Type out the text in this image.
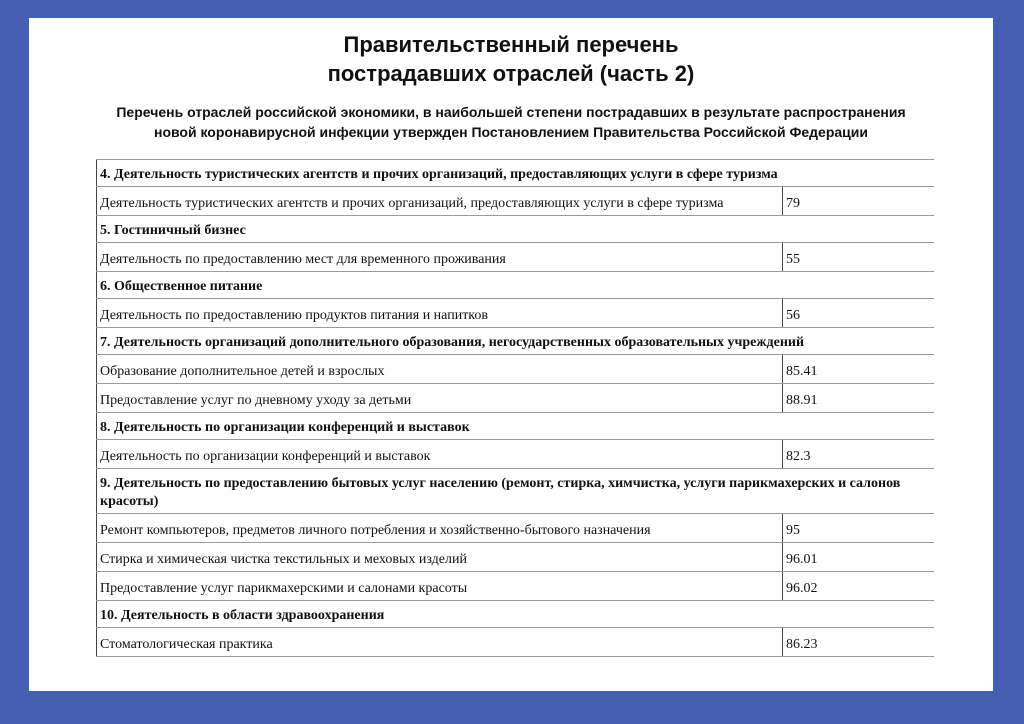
Правительственный перечень
пострадавших отраслей (часть 2)
Перечень отраслей российской экономики, в наибольшей степени пострадавших в результате распространения
новой коронавирусной инфекции утвержден Постановлением Правительства Российской Федерации
4. Деятельность туристических агентств и прочих организаций, предоставляющих услуги в сфере туризма	
Деятельность туристических агентств и прочих организаций, предоставляющих услуги в сфере туризма	79
5. Гостиничный бизнес	
Деятельность по предоставлению мест для временного проживания	55
6. Общественное питание	
Деятельность по предоставлению продуктов питания и напитков	56
7. Деятельность организаций дополнительного образования, негосударственных образовательных учреждений	
Образование дополнительное детей и взрослых	85.41
Предоставление услуг по дневному уходу за детьми	88.91
8. Деятельность по организации конференций и выставок	
Деятельность по организации конференций и выставок	82.3
9. Деятельность по предоставлению бытовых услуг населению (ремонт, стирка, химчистка, услуги парикмахерских и салонов красоты)	
Ремонт компьютеров, предметов личного потребления и хозяйственно-бытового назначения	95
Стирка и химическая чистка текстильных и меховых изделий	96.01
Предоставление услуг парикмахерскими и салонами красоты	96.02
10. Деятельность в области здравоохранения	
Стоматологическая практика	86.23
